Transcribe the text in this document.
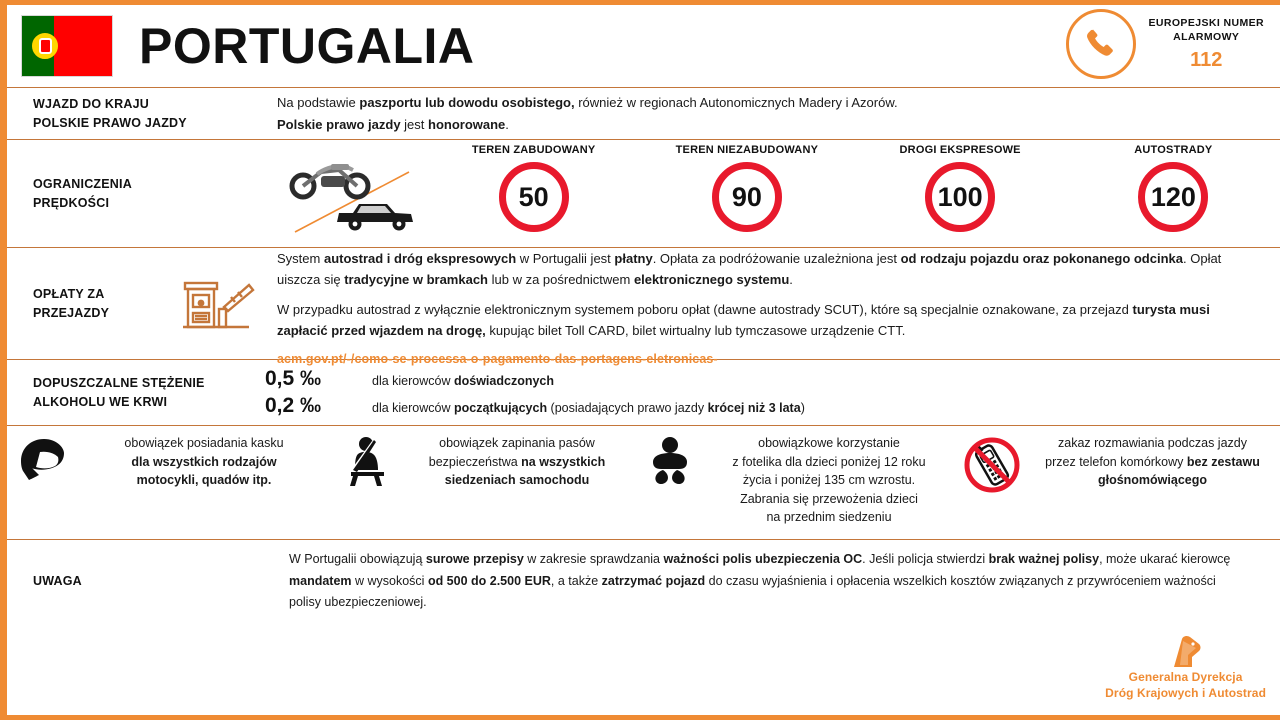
PORTUGALIA	EUROPEJSKI NUMER
ALARMOWY
112
WJAZD DO KRAJU
POLSKIE PRAWO JAZDY
Na podstawie paszportu lub dowodu osobistego, również w regionach Autonomicznych Madery i Azorów.
Polskie prawo jazdy jest honorowane.
OGRANICZENIA
PRĘDKOŚCI
TEREN ZABUDOWANY
50
TEREN NIEZABUDOWANY
90
DROGI EKSPRESOWE
100
AUTOSTRADY
120
OPŁATY ZA
PRZEJAZDY

System autostrad i dróg ekspresowych w Portugalii jest płatny. Opłata za podróżowanie uzależniona jest od rodzaju pojazdu oraz pokonanego odcinka. Opłat uiszcza się tradycyjne w bramkach lub w za pośrednictwem elektronicznego systemu.

W przypadku autostrad z wyłącznie elektronicznym systemem poboru opłat (dawne autostrady SCUT), które są specjalnie oznakowane, za przejazd turysta musi zapłacić przed wjazdem na drogę, kupując bilet Toll CARD, bilet wirtualny lub tymczasowe urządzenie CTT.

acm.gov.pt/-/como-se-processa-o-pagamento-das-portagens-eletronicas-

DOPUSZCZALNE STĘŻENIE
ALKOHOLU WE KRWI
0,5 ‰	dla kierowców doświadczonych
0,2 ‰	dla kierowców początkujących (posiadających prawo jazdy krócej niż 3 lata)
obowiązek posiadania kasku
dla wszystkich rodzajów
motocykli, quadów itp.
obowiązek zapinania pasów
bezpieczeństwa na wszystkich
siedzeniach samochodu
obowiązkowe korzystanie
z fotelika dla dzieci poniżej 12 roku
życia i poniżej 135 cm wzrostu.
Zabrania się przewożenia dzieci
na przednim siedzeniu
zakaz rozmawiania podczas jazdy
przez telefon komórkowy bez zestawu
głośnomówiącego
UWAGA
W Portugalii obowiązują surowe przepisy w zakresie sprawdzania ważności polis ubezpieczenia OC. Jeśli policja stwierdzi brak ważnej polisy, może ukarać kierowcę mandatem w wysokości od 500 do 2.500 EUR, a także zatrzymać pojazd do czasu wyjaśnienia i opłacenia wszelkich kosztów związanych z przywróceniem ważności polisy ubezpieczeniowej.
Generalna Dyrekcja
Dróg Krajowych i Autostrad
